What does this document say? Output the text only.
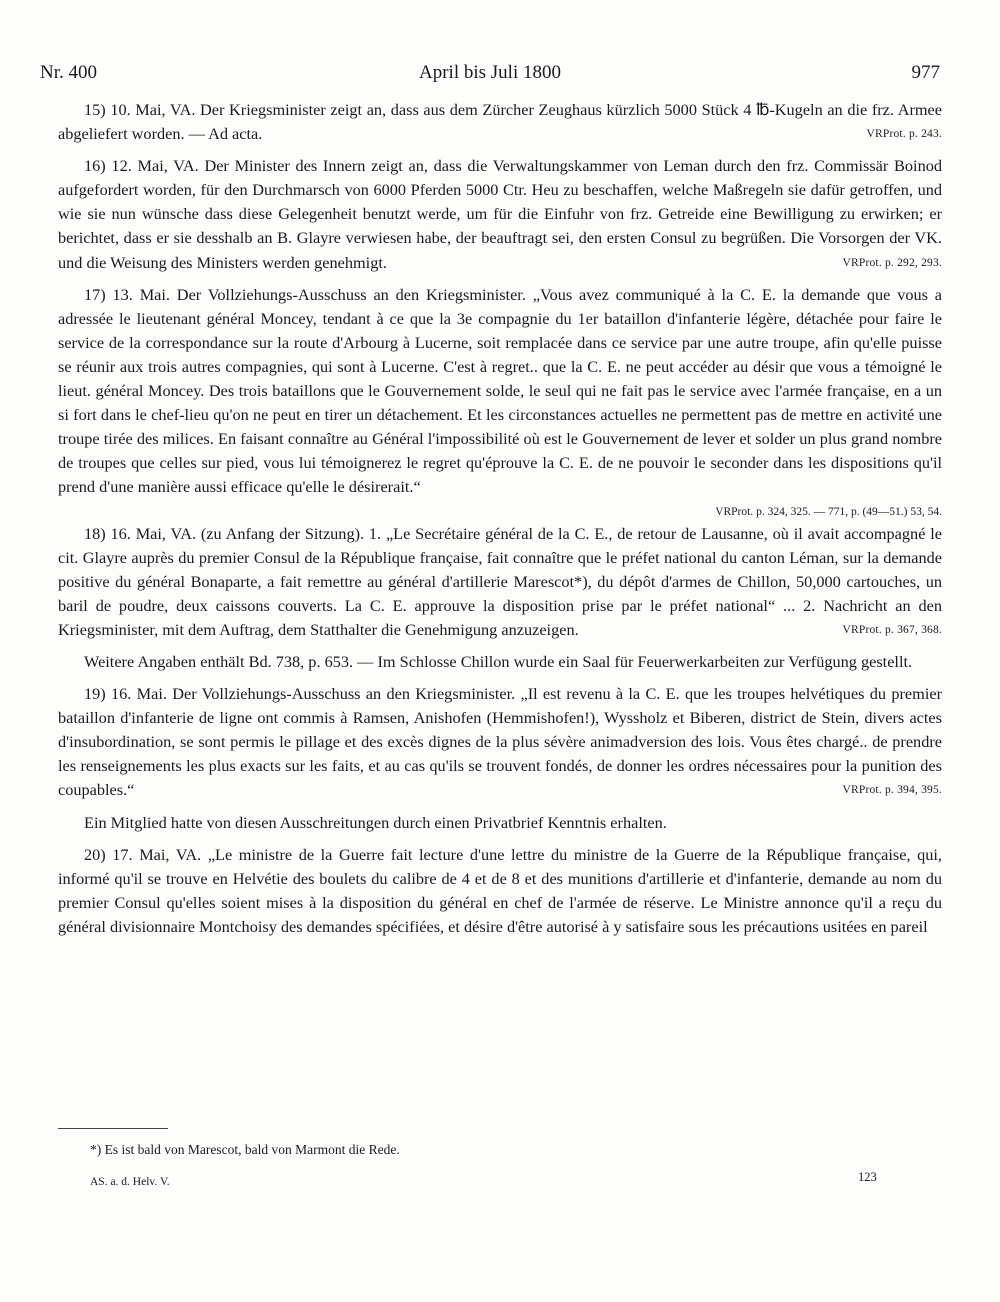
Nr. 400	April bis Juli 1800	977

15) 10. Mai, VA. Der Kriegsminister zeigt an, dass aus dem Zürcher Zeughaus kürzlich 5000 Stück 4 ℔-Kugeln an die frz. Armee abgeliefert worden. — Ad acta.	VRProt. p. 243.

16) 12. Mai, VA. Der Minister des Innern zeigt an, dass die Verwaltungskammer von Leman durch den frz. Commissär Boinod aufgefordert worden, für den Durchmarsch von 6000 Pferden 5000 Ctr. Heu zu beschaffen, welche Maßregeln sie dafür getroffen, und wie sie nun wünsche dass diese Gelegenheit benutzt werde, um für die Einfuhr von frz. Getreide eine Bewilligung zu erwirken; er berichtet, dass er sie desshalb an B. Glayre verwiesen habe, der beauftragt sei, den ersten Consul zu begrüßen. Die Vorsorgen der VK. und die Weisung des Ministers werden genehmigt.	VRProt. p. 292, 293.

17) 13. Mai. Der Vollziehungs-Ausschuss an den Kriegsminister. „Vous avez communiqué à la C. E. la demande que vous a adressée le lieutenant général Moncey, tendant à ce que la 3e compagnie du 1er bataillon d'infanterie légère, détachée pour faire le service de la correspondance sur la route d'Arbourg à Lucerne, soit remplacée dans ce service par une autre troupe, afin qu'elle puisse se réunir aux trois autres compagnies, qui sont à Lucerne. C'est à regret.. que la C. E. ne peut accéder au désir que vous a témoigné le lieut. général Moncey. Des trois bataillons que le Gouvernement solde, le seul qui ne fait pas le service avec l'armée française, en a un si fort dans le chef-lieu qu'on ne peut en tirer un détachement. Et les circonstances actuelles ne permettent pas de mettre en activité une troupe tirée des milices. En faisant connaître au Général l'impossibilité où est le Gouvernement de lever et solder un plus grand nombre de troupes que celles sur pied, vous lui témoignerez le regret qu'éprouve la C. E. de ne pouvoir le seconder dans les dispositions qu'il prend d'une manière aussi efficace qu'elle le désirerait.“

VRProt. p. 324, 325. — 771, p. (49—51.) 53, 54.

18) 16. Mai, VA. (zu Anfang der Sitzung). 1. „Le Secrétaire général de la C. E., de retour de Lausanne, où il avait accompagné le cit. Glayre auprès du premier Consul de la République française, fait connaître que le préfet national du canton Léman, sur la demande positive du général Bonaparte, a fait remettre au général d'artillerie Marescot*), du dépôt d'armes de Chillon, 50,000 cartouches, un baril de poudre, deux caissons couverts. La C. E. approuve la disposition prise par le préfet national“ ... 2. Nachricht an den Kriegsminister, mit dem Auftrag, dem Statthalter die Genehmigung anzuzeigen.	VRProt. p. 367, 368.

Weitere Angaben enthält Bd. 738, p. 653. — Im Schlosse Chillon wurde ein Saal für Feuerwerkarbeiten zur Verfügung gestellt.

19) 16. Mai. Der Vollziehungs-Ausschuss an den Kriegsminister. „Il est revenu à la C. E. que les troupes helvétiques du premier bataillon d'infanterie de ligne ont commis à Ramsen, Anishofen (Hemmishofen!), Wyssholz et Biberen, district de Stein, divers actes d'insubordination, se sont permis le pillage et des excès dignes de la plus sévère animadversion des lois. Vous êtes chargé.. de prendre les renseignements les plus exacts sur les faits, et au cas qu'ils se trouvent fondés, de donner les ordres nécessaires pour la punition des coupables.“	VRProt. p. 394, 395.

Ein Mitglied hatte von diesen Ausschreitungen durch einen Privatbrief Kenntnis erhalten.

20) 17. Mai, VA. „Le ministre de la Guerre fait lecture d'une lettre du ministre de la Guerre de la République française, qui, informé qu'il se trouve en Helvétie des boulets du calibre de 4 et de 8 et des munitions d'artillerie et d'infanterie, demande au nom du premier Consul qu'elles soient mises à la disposition du général en chef de l'armée de réserve. Le Ministre annonce qu'il a reçu du général divisionnaire Montchoisy des demandes spécifiées, et désire d'être autorisé à y satisfaire sous les précautions usitées en pareil

*) Es ist bald von Marescot, bald von Marmont die Rede.
AS. a. d. Helv. V.	123
